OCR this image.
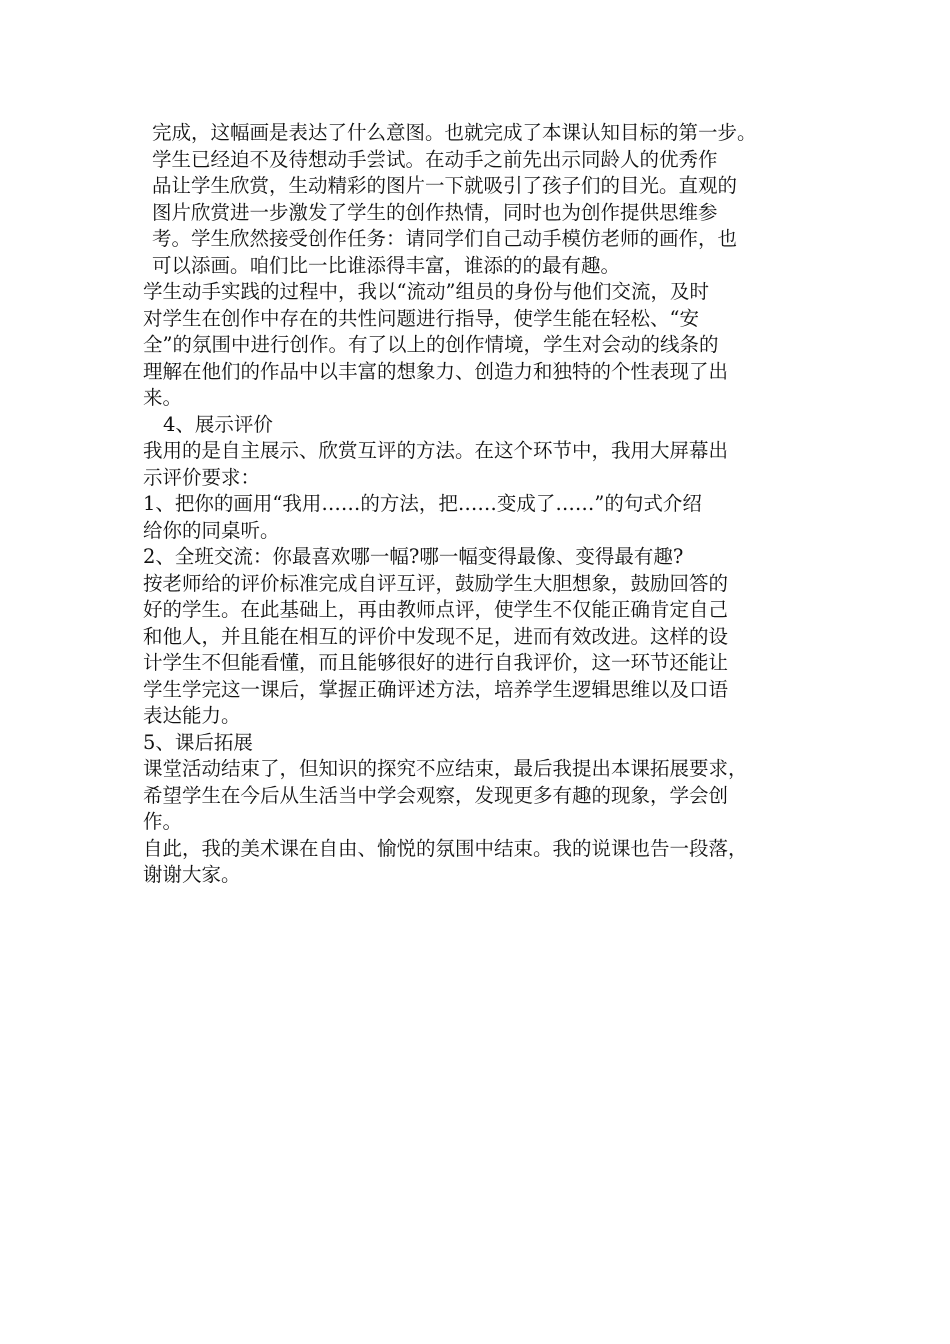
完成，这幅画是表达了什么意图。也就完成了本课认知目标的第一步。
学生已经迫不及待想动手尝试。在动手之前先出示同龄人的优秀作
品让学生欣赏，生动精彩的图片一下就吸引了孩子们的目光。直观的
图片欣赏进一步激发了学生的创作热情，同时也为创作提供思维参
考。学生欣然接受创作任务：请同学们自己动手模仿老师的画作，也
可以添画。咱们比一比谁添得丰富，谁添的的最有趣。
学生动手实践的过程中，我以“流动”组员的身份与他们交流，及时
对学生在创作中存在的共性问题进行指导，使学生能在轻松、“安
全”的氛围中进行创作。有了以上的创作情境，学生对会动的线条的
理解在他们的作品中以丰富的想象力、创造力和独特的个性表现了出
来。
4、展示评价
我用的是自主展示、欣赏互评的方法。在这个环节中，我用大屏幕出
示评价要求：
1、把你的画用“我用……的方法，把……变成了……”的句式介绍
给你的同桌听。
2、全班交流：你最喜欢哪一幅?哪一幅变得最像、变得最有趣?
按老师给的评价标准完成自评互评，鼓励学生大胆想象，鼓励回答的
好的学生。在此基础上，再由教师点评，使学生不仅能正确肯定自己
和他人，并且能在相互的评价中发现不足，进而有效改进。这样的设
计学生不但能看懂，而且能够很好的进行自我评价，这一环节还能让
学生学完这一课后，掌握正确评述方法，培养学生逻辑思维以及口语
表达能力。
5、课后拓展
课堂活动结束了，但知识的探究不应结束，最后我提出本课拓展要求，
希望学生在今后从生活当中学会观察，发现更多有趣的现象，学会创
作。
自此，我的美术课在自由、愉悦的氛围中结束。我的说课也告一段落，
谢谢大家。
